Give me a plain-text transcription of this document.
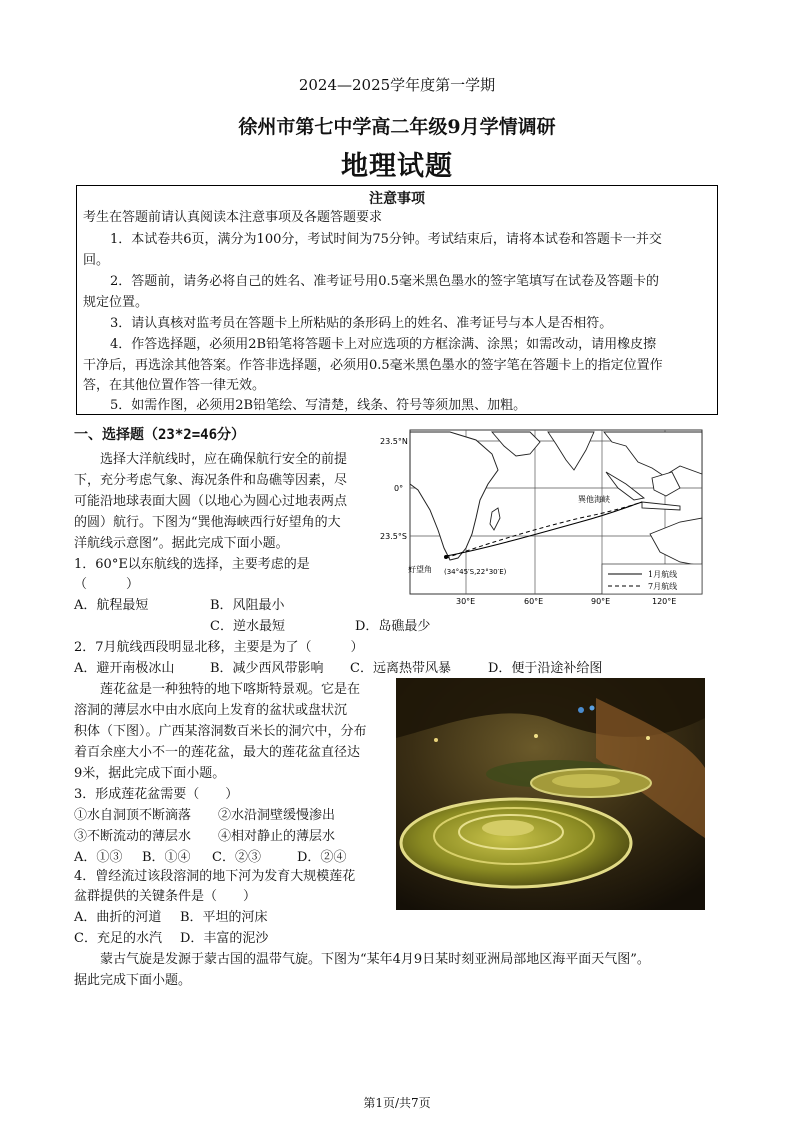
2024—2025学年度第一学期
徐州市第七中学高二年级9月学情调研
地理试题
注意事项
考生在答题前请认真阅读本注意事项及各题答题要求
1．本试卷共6页，满分为100分，考试时间为75分钟。考试结束后，请将本试卷和答题卡一并交
回。
2．答题前，请务必将自己的姓名、准考证号用0.5毫米黑色墨水的签字笔填写在试卷及答题卡的
规定位置。
3．请认真核对监考员在答题卡上所粘贴的条形码上的姓名、准考证号与本人是否相符。
4．作答选择题，必须用2B铅笔将答题卡上对应选项的方框涂满、涂黑；如需改动，请用橡皮擦
干净后，再选涂其他答案。作答非选择题，必须用0.5毫米黑色墨水的签字笔在答题卡上的指定位置作
答，在其他位置作答一律无效。
5．如需作图，必须用2B铅笔绘、写清楚，线条、符号等须加黑、加粗。
一、选择题（23*2=46分）
选择大洋航线时，应在确保航行安全的前提
下，充分考虑气象、海况条件和岛礁等因素，尽
可能沿地球表面大圆（以地心为圆心过地表两点
的圆）航行。下图为“巽他海峡西行好望角的大
洋航线示意图”。据此完成下面小题。
1．60°E以东航线的选择，主要考虑的是
（　　　）
A．航程最短	B．风阻最小
C．逆水最短	D．岛礁最少
2．7月航线西段明显北移，主要是为了（　　　）
A．避开南极冰山	B．减少西风带影响 C．远离热带风暴	D．便于沿途补给图
莲花盆是一种独特的地下喀斯特景观。它是在
溶洞的薄层水中由水底向上发育的盆状或盘状沉
积体（下图）。广西某溶洞数百米长的洞穴中，分布
着百余座大小不一的莲花盆，最大的莲花盆直径达
9米，据此完成下面小题。
3．形成莲花盆需要（　　）
①水自洞顶不断滴落 ②水沿洞壁缓慢渗出
③不断流动的薄层水 ④相对静止的薄层水
A．①③ B．①④ C．②③	D．②④
4．曾经流过该段溶洞的地下河为发育大规模莲花
盆群提供的关键条件是（　　）
A．曲折的河道 B．平坦的河床
C．充足的水汽 D．丰富的泥沙
蒙古气旋是发源于蒙古国的温带气旋。下图为“某年4月9日某时刻亚洲局部地区海平面天气图”。
据此完成下面小题。
23.5°N
0°
23.5°S
30°E	60°E	90°E	120°E
巽他海峡
好望角 (34°45′S,22°30′E)	1月航线
7月航线
第1页/共7页
